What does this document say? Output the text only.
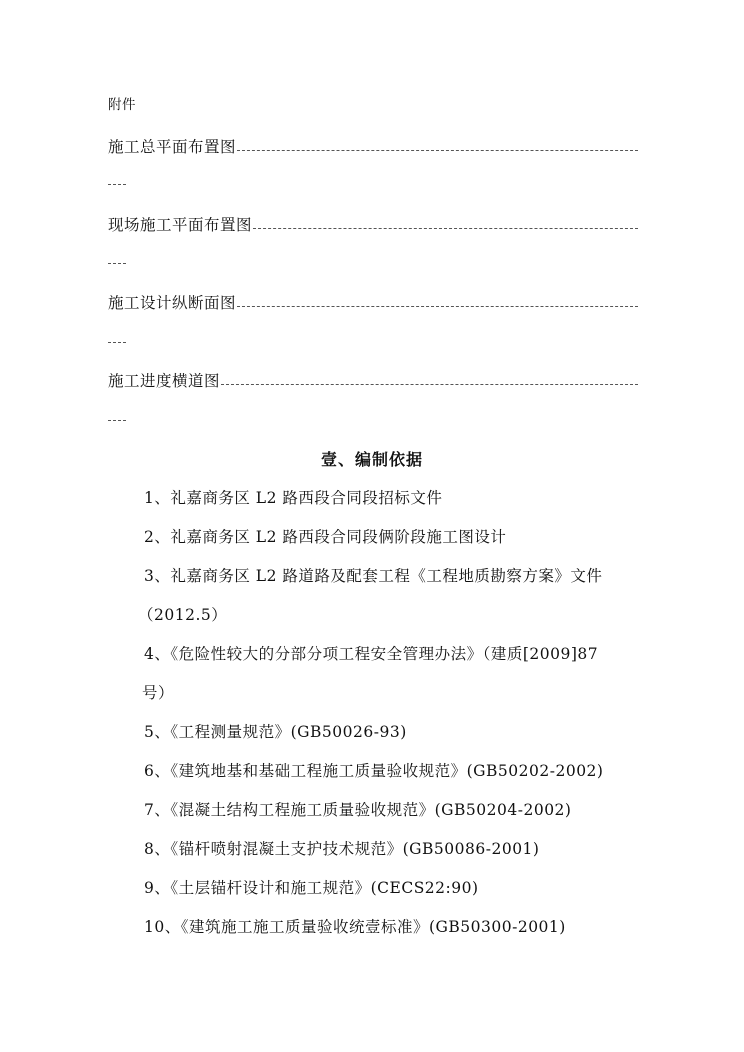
附件
施工总平面布置图
现场施工平面布置图
施工设计纵断面图
施工进度横道图
壹、编制依据
1、礼嘉商务区 L2 路西段合同段招标文件
2、礼嘉商务区 L2 路西段合同段俩阶段施工图设计
3、礼嘉商务区 L2 路道路及配套工程《工程地质勘察方案》文件
（2012.5）
4、《危险性较大的分部分项工程安全管理办法》（建质[2009]87
号）
5、《工程测量规范》(GB50026-93)
6、《建筑地基和基础工程施工质量验收规范》(GB50202-2002)
7、《混凝土结构工程施工质量验收规范》(GB50204-2002)
8、《锚杆喷射混凝土支护技术规范》(GB50086-2001)
9、《土层锚杆设计和施工规范》(CECS22:90)
10、《建筑施工施工质量验收统壹标准》(GB50300-2001)
